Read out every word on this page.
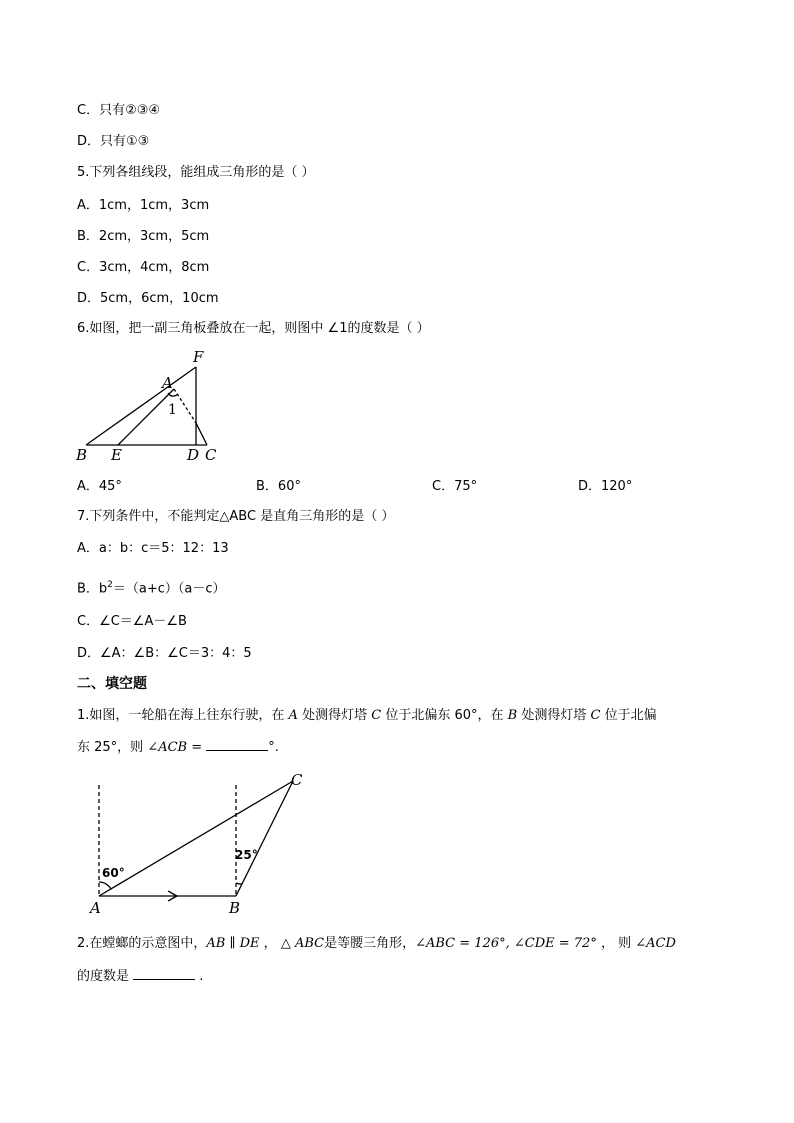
C．只有②③④
D．只有①③
5.下列各组线段，能组成三角形的是（ ）
A．1cm，1cm，3cm
B．2cm，3cm，5cm
C．3cm，4cm，8cm
D．5cm，6cm，10cm
6.如图，把一副三角板叠放在一起，则图中 ∠1的度数是（ ）
F
A
1
B E	D C
A．45°	B．60°	C．75°	D．120°
7.下列条件中，不能判定△ABC 是直角三角形的是（ ）
A．a：b：c＝5：12：13
B．$b^2=(a+c)(a-c)$
C．∠C＝∠A－∠B
D．∠A：∠B：∠C＝3：4：5
二、填空题
1.如图，一轮船在海上往东行驶，在 A 处测得灯塔 C 位于北偏东 60°，在 B 处测得灯塔 C 位于北偏
东 25°，则 ∠ACB =	°.
60°
25°
A	B
C
2.在螳螂的示意图中，AB ∥ DE ， △ ABC是等腰三角形，∠ABC = 126°, ∠CDE = 72° ， 则 ∠ACD
的度数是	.
